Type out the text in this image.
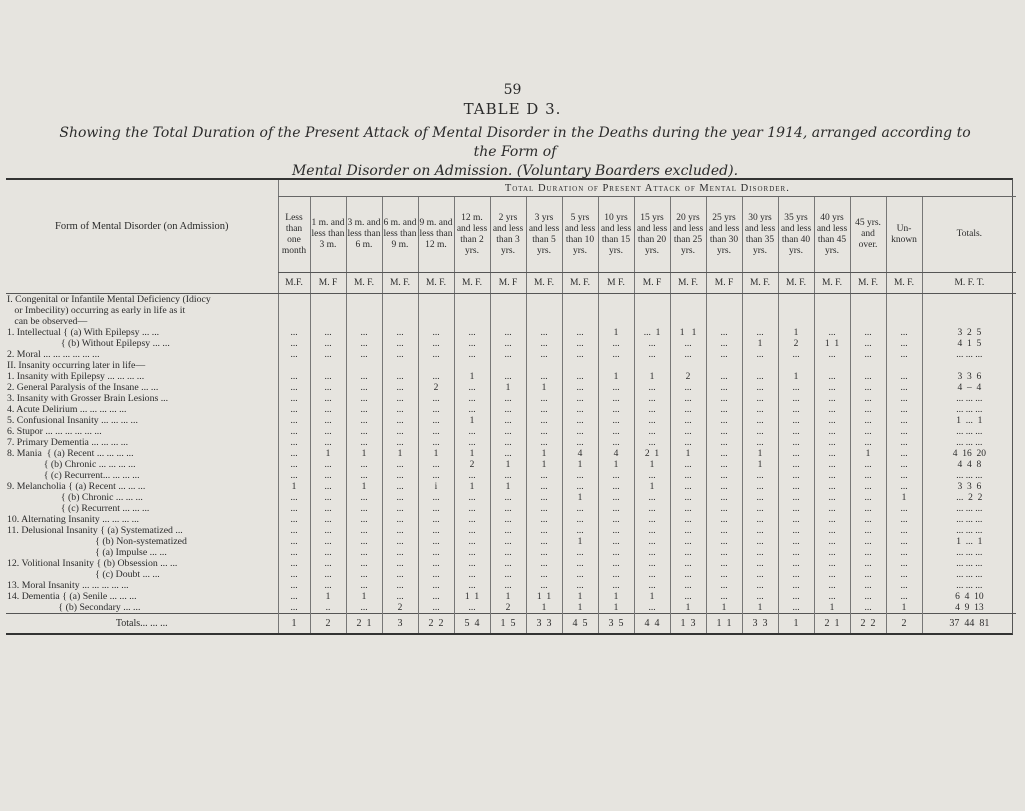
59
TABLE D 3.
Showing the Total Duration of the Present Attack of Mental Disorder in the Deaths during the year 1914, arranged according to the Form of
Mental Disorder on Admission. (Voluntary Boarders excluded).
Form of Mental Disorder (on Admission)	Total Duration of Present Attack of Mental Disorder.																		
	Less than one month	1 m. and less than 3 m.	3 m. and less than 6 m.	6 m. and less than 9 m.	9 m. and less than 12 m.	12 m. and less than 2 yrs.	2 yrs and less than 3 yrs.	3 yrs and less than 5 yrs.	5 yrs and less than 10 yrs.	10 yrs and less than 15 yrs.	15 yrs and less than 20 yrs.	20 yrs and less than 25 yrs.	25 yrs and less than 30 yrs.	30 yrs and less than 35 yrs.	35 yrs and less than 40 yrs.	40 yrs and less than 45 yrs.	45 yrs. and over.	Un- known	Totals.
	M.F.	M. F	M. F.	M. F.	M. F.	M. F.	M. F	M. F.	M. F.	M F.	M. F	M. F.	M. F	M. F.	M. F.	M. F.	M. F.	M. F.	M. F. T.
I. Congenital or Infantile Mental Deficiency (Idiocy																			
or Imbecility) occurring as early in life as it																			
can be observed—																			
1. Intellectual { (a) With Epilepsy ... ...	...	...	...	...	...	...	...	...	...	1	...  1	1   1	...	...	1	...	...	...	3  2  5
{ (b) Without Epilepsy ... ...	...	...	...	...	...	...	...	...	...	...	...	...	...	1	2	1  1	...	...	4  1  5
2. Moral ... ... ... ... ... ...	...	...	...	...	...	...	...	...	...	...	...	...	...	...	...	...	...	...	... ... ...
II. Insanity occurring later in life—																			
1. Insanity with Epilepsy ... ... ... ...	...	...	...	...	...	1	...	...	...	1	1	2	...	...	1	...	...	...	3  3  6
2. General Paralysis of the Insane ... ...	...	...	...	...	2	...	1	1	...	...	...	...	...	...	...	...	...	...	4  –  4
3. Insanity with Grosser Brain Lesions ...	...	...	...	...	...	...	...	...	...	...	...	...	...	...	...	...	...	...	... ... ...
4. Acute Delirium ... ... ... ... ...	...	...	...	...	...	...	...	...	...	...	...	...	...	...	...	...	...	...	... ... ...
5. Confusional Insanity ... ... ... ...	...	...	...	...	...	1	...	...	...	...	...	...	...	...	...	...	...	...	1  ...  1
6. Stupor ... ... ... ... ... ...	...	...	...	...	...	...	...	...	...	...	...	...	...	...	...	...	...	...	... ... ...
7. Primary Dementia ... ... ... ...	...	...	...	...	...	...	...	...	...	...	...	...	...	...	...	...	...	...	... ... ...
8. Mania  { (a) Recent ... ... ... ...	...	1	1	1	1	1	...	1	4	4	2  1	1	...	1	...	...	1	...	4  16  20
{ (b) Chronic ... ... ... ...	...	...	...	...	...	2	1	1	1	1	1	...	...	1	...	...	...	...	4  4  8
{ (c) Recurrent... ... ... ...	...	...	...	...	...	...	...	...	...	...	...	...	...	...	...	...	...	...	... ... ...
9. Melancholia { (a) Recent ... ... ...	1	...	1	...	i	1	1	...	...	...	1	...	...	...	...	...	...	...	3  3  6
{ (b) Chronic ... ... ...	...	...	...	...	...	...	...	...	1	...	...	...	...	...	...	...	...	1	...  2  2
{ (c) Recurrent ... ... ...	...	...	...	...	...	...	...	...	...	...	...	...	...	...	...	...	...	...	... ... ...
10. Alternating Insanity ... ... ... ...	...	...	...	...	...	...	...	...	...	...	...	...	...	...	...	...	...	...	... ... ...
11. Delusional Insanity { (a) Systematized ...	...	...	...	...	...	...	...	...	...	...	...	...	...	...	...	...	...	...	... ... ...
{ (b) Non-systematized	...	...	...	...	...	...	...	...	1	...	...	...	...	...	...	...	...	...	1  ...  1
{ (a) Impulse ... ...	...	...	...	...	...	...	...	...	...	...	...	...	...	...	...	...	...	...	... ... ...
12. Volitional Insanity { (b) Obsession ... ...	...	...	...	...	...	...	...	...	...	...	...	...	...	...	...	...	...	...	... ... ...
{ (c) Doubt ... ...	...	...	...	...	...	...	...	...	...	...	...	...	...	...	...	...	...	...	... ... ...
13. Moral Insanity ... ... ... ... ...	...	...	...	...	...	...	...	...	...	...	...	...	...	...	...	...	...	...	... ... ...
14. Dementia { (a) Senile ... ... ...	...	1	1	...	...	1  1	1	1  1	1	1	1	...	...	...	...	...	...	...	6  4  10
{ (b) Secondary ... ...	...	..	...	2	...	...	2	1	1	1	...	1	1	1	...	1	...	1	4  9  13
Totals... ... ...	1	2	2  1	3	2  2	5  4	1  5	3  3	4  5	3  5	4  4	1  3	1  1	3  3	1	2  1	2  2	2	37  44  81
